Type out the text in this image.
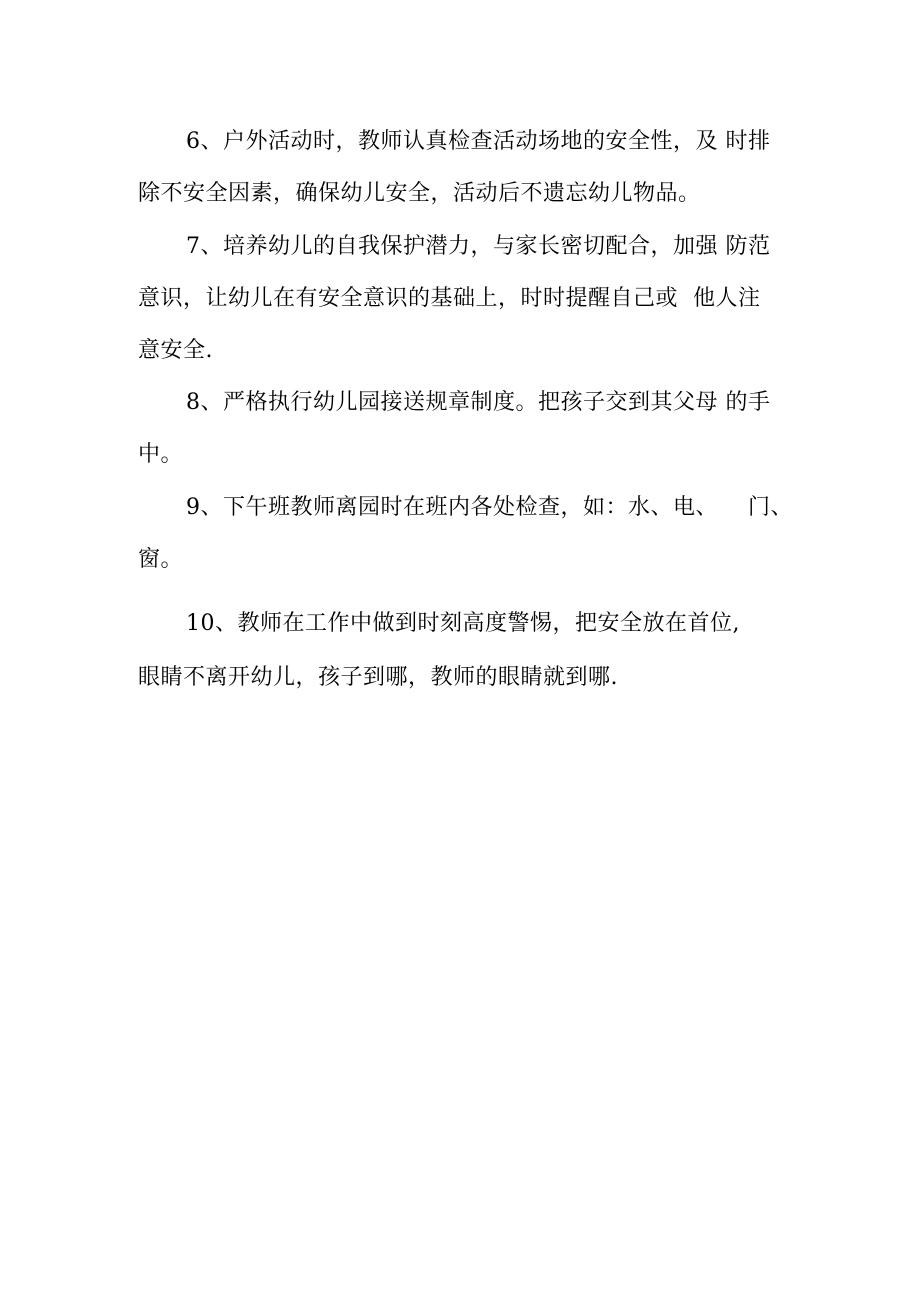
6、户外活动时，教师认真检查活动场地的安全性，及 时排
除不安全因素，确保幼儿安全，活动后不遗忘幼儿物品。

7、培养幼儿的自我保护潜力，与家长密切配合，加强 防范
意识，让幼儿在有安全意识的基础上，时时提醒自己或  他人注
意安全.

8、严格执行幼儿园接送规章制度。把孩子交到其父母 的手
中。

9、下午班教师离园时在班内各处检查，如：水、电、    门、
窗。

10、教师在工作中做到时刻高度警惕，把安全放在首位,
眼睛不离开幼儿，孩子到哪，教师的眼睛就到哪.
